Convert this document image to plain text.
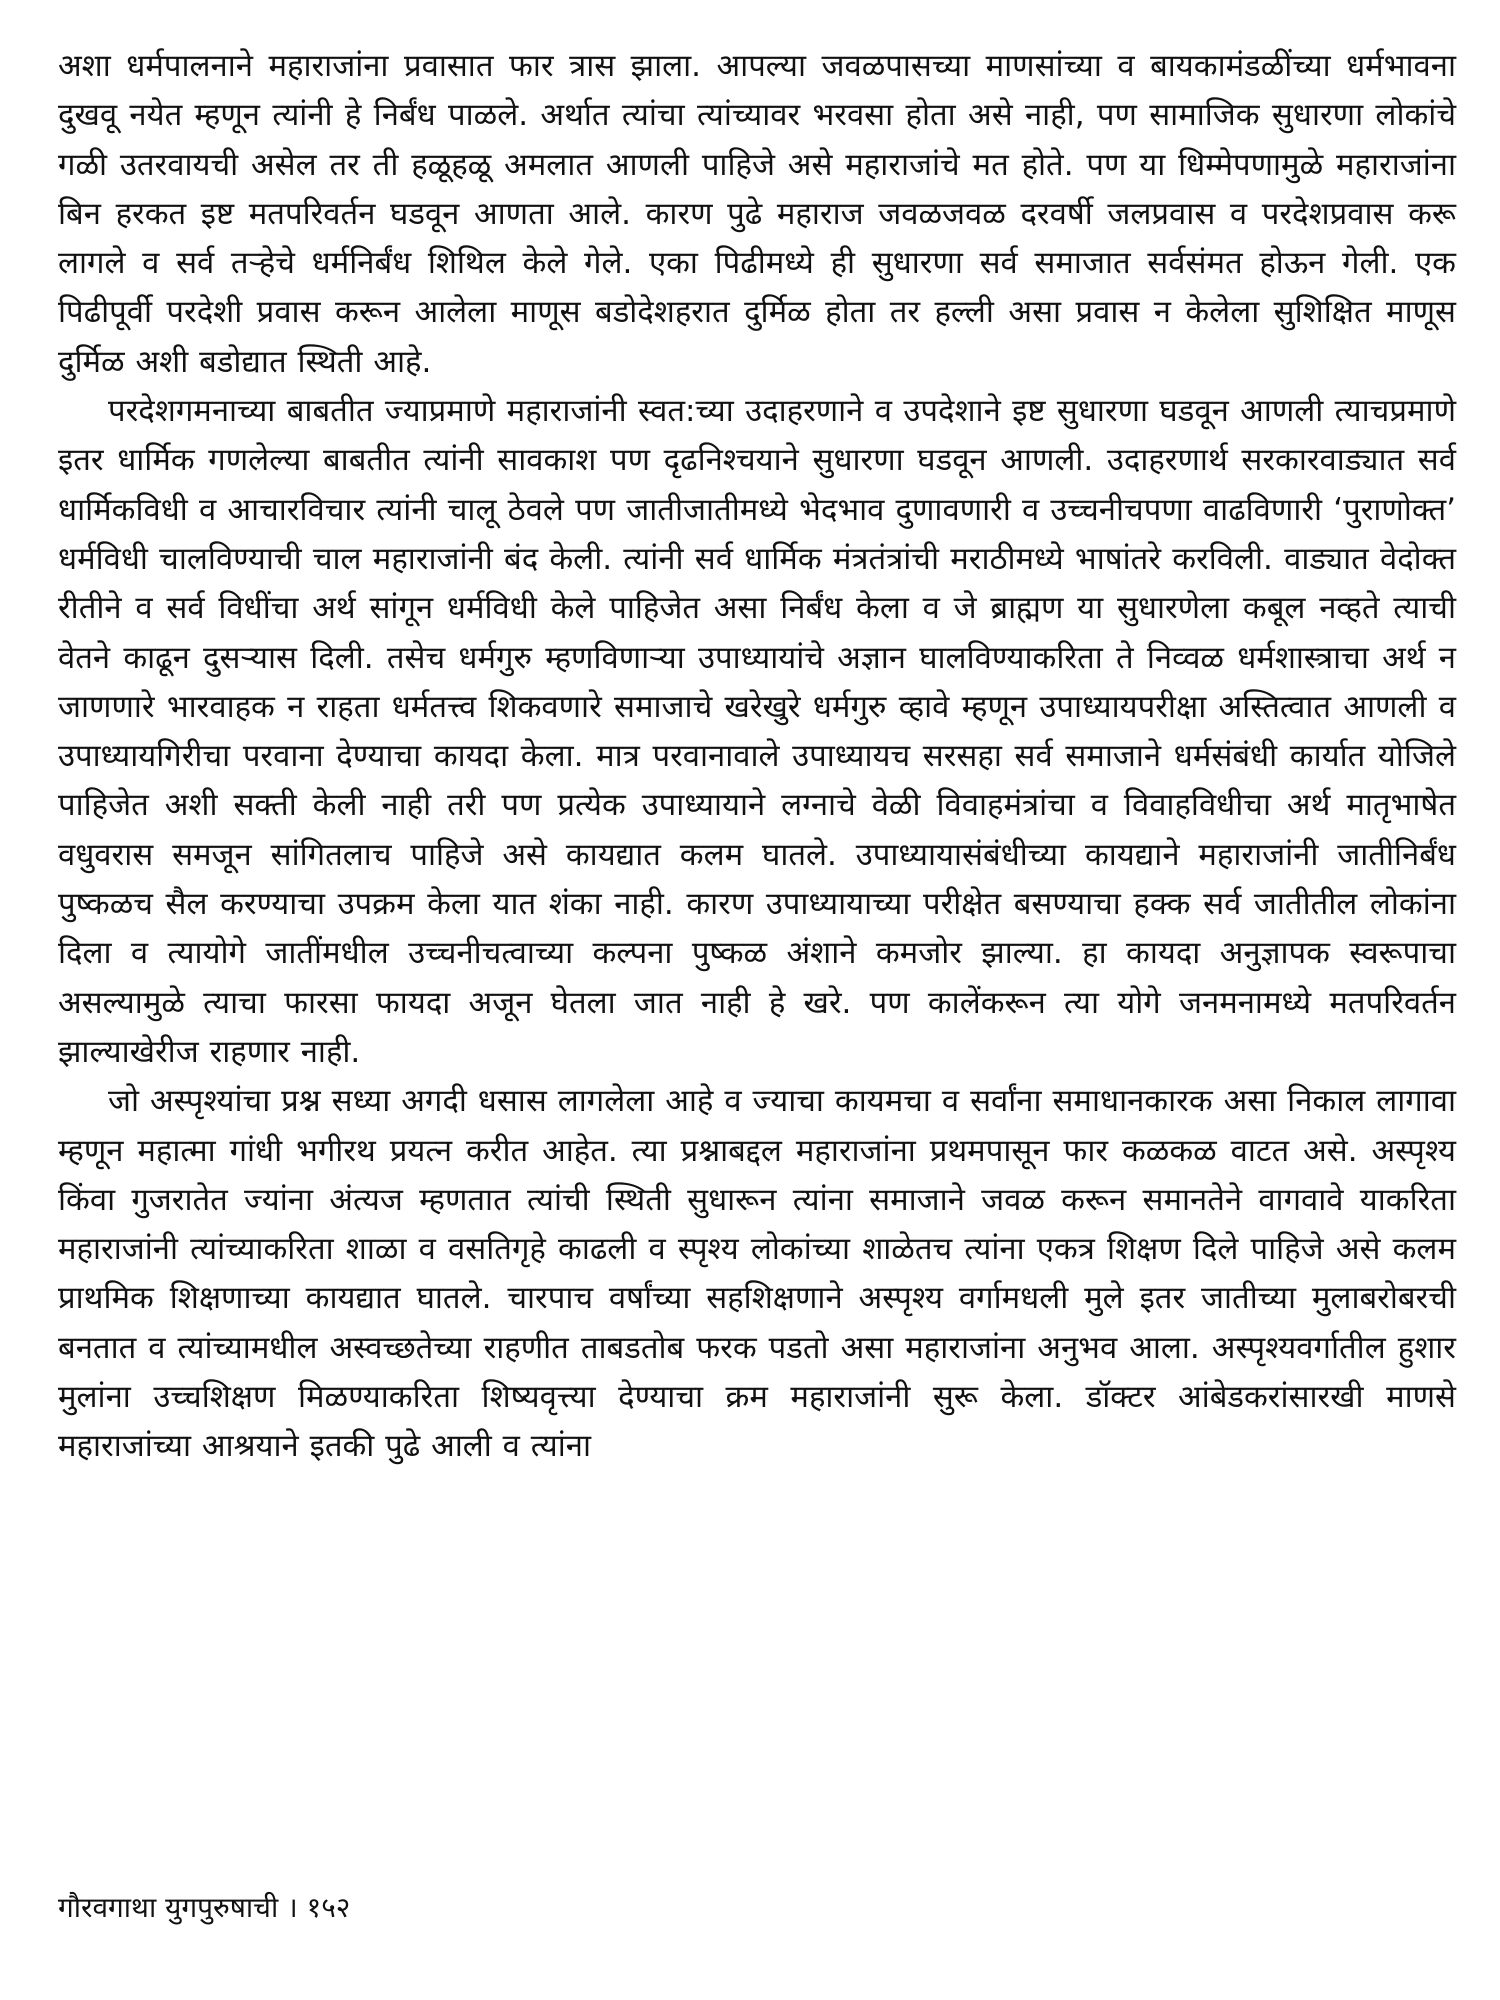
अशा धर्मपालनाने महाराजांना प्रवासात फार त्रास झाला. आपल्या जवळपासच्या माणसांच्या व बायकामंडळींच्या धर्मभावना दुखवू नयेत म्हणून त्यांनी हे निर्बंध पाळले. अर्थात त्यांचा त्यांच्यावर भरवसा होता असे नाही, पण सामाजिक सुधारणा लोकांचे गळी उतरवायची असेल तर ती हळूहळू अमलात आणली पाहिजे असे महाराजांचे मत होते. पण या धिम्मेपणामुळे महाराजांना बिन हरकत इष्ट मतपरिवर्तन घडवून आणता आले. कारण पुढे महाराज जवळजवळ दरवर्षी जलप्रवास व परदेशप्रवास करू लागले व सर्व तऱ्हेचे धर्मनिर्बंध शिथिल केले गेले. एका पिढीमध्ये ही सुधारणा सर्व समाजात सर्वसंमत होऊन गेली. एक पिढीपूर्वी परदेशी प्रवास करून आलेला माणूस बडोदेशहरात दुर्मिळ होता तर हल्ली असा प्रवास न केलेला सुशिक्षित माणूस दुर्मिळ अशी बडोद्यात स्थिती आहे.

परदेशगमनाच्या बाबतीत ज्याप्रमाणे महाराजांनी स्वत:च्या उदाहरणाने व उपदेशाने इष्ट सुधारणा घडवून आणली त्याचप्रमाणे इतर धार्मिक गणलेल्या बाबतीत त्यांनी सावकाश पण दृढनिश्चयाने सुधारणा घडवून आणली. उदाहरणार्थ सरकारवाड्यात सर्व धार्मिकविधी व आचारविचार त्यांनी चालू ठेवले पण जातीजातीमध्ये भेदभाव दुणावणारी व उच्चनीचपणा वाढविणारी ‘पुराणोक्त’ धर्मविधी चालविण्याची चाल महाराजांनी बंद केली. त्यांनी सर्व धार्मिक मंत्रतंत्रांची मराठीमध्ये भाषांतरे करविली. वाड्यात वेदोक्त रीतीने व सर्व विधींचा अर्थ सांगून धर्मविधी केले पाहिजेत असा निर्बंध केला व जे ब्राह्मण या सुधारणेला कबूल नव्हते त्याची वेतने काढून दुसऱ्यास दिली. तसेच धर्मगुरु म्हणविणाऱ्या उपाध्यायांचे अज्ञान घालविण्याकरिता ते निव्वळ धर्मशास्त्राचा अर्थ न जाणणारे भारवाहक न राहता धर्मतत्त्व शिकवणारे समाजाचे खरेखुरे धर्मगुरु व्हावे म्हणून उपाध्यायपरीक्षा अस्तित्वात आणली व उपाध्यायगिरीचा परवाना देण्याचा कायदा केला. मात्र परवानावाले उपाध्यायच सरसहा सर्व समाजाने धर्मसंबंधी कार्यात योजिले पाहिजेत अशी सक्ती केली नाही तरी पण प्रत्येक उपाध्यायाने लग्नाचे वेळी विवाहमंत्रांचा व विवाहविधीचा अर्थ मातृभाषेत वधुवरास समजून सांगितलाच पाहिजे असे कायद्यात कलम घातले. उपाध्यायासंबंधीच्या कायद्याने महाराजांनी जातीनिर्बंध पुष्कळच सैल करण्याचा उपक्रम केला यात शंका नाही. कारण उपाध्यायाच्या परीक्षेत बसण्याचा हक्क सर्व जातीतील लोकांना दिला व त्यायोगे जातींमधील उच्चनीचत्वाच्या कल्पना पुष्कळ अंशाने कमजोर झाल्या. हा कायदा अनुज्ञापक स्वरूपाचा असल्यामुळे त्याचा फारसा फायदा अजून घेतला जात नाही हे खरे. पण कालेंकरून त्या योगे जनमनामध्ये मतपरिवर्तन झाल्याखेरीज राहणार नाही.

जो अस्पृश्यांचा प्रश्न सध्या अगदी धसास लागलेला आहे व ज्याचा कायमचा व सर्वांना समाधानकारक असा निकाल लागावा म्हणून महात्मा गांधी भगीरथ प्रयत्न करीत आहेत. त्या प्रश्नाबद्दल महाराजांना प्रथमपासून फार कळकळ वाटत असे. अस्पृश्य किंवा गुजरातेत ज्यांना अंत्यज म्हणतात त्यांची स्थिती सुधारून त्यांना समाजाने जवळ करून समानतेने वागवावे याकरिता महाराजांनी त्यांच्याकरिता शाळा व वसतिगृहे काढली व स्पृश्य लोकांच्या शाळेतच त्यांना एकत्र शिक्षण दिले पाहिजे असे कलम प्राथमिक शिक्षणाच्या कायद्यात घातले. चारपाच वर्षांच्या सहशिक्षणाने अस्पृश्य वर्गामधली मुले इतर जातीच्या मुलाबरोबरची बनतात व त्यांच्यामधील अस्वच्छतेच्या राहणीत ताबडतोब फरक पडतो असा महाराजांना अनुभव आला. अस्पृश्यवर्गातील हुशार मुलांना उच्चशिक्षण मिळण्याकरिता शिष्यवृत्त्या देण्याचा क्रम महाराजांनी सुरू केला. डॉक्टर आंबेडकरांसारखी माणसे महाराजांच्या आश्रयाने इतकी पुढे आली व त्यांना

गौरवगाथा युगपुरुषाची । १५२
